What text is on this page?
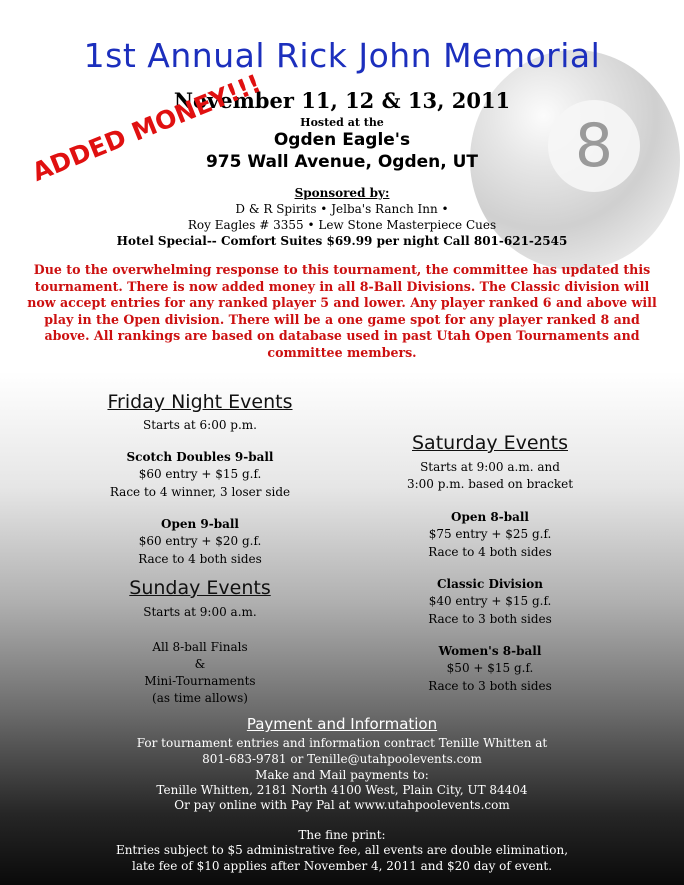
8
1st Annual Rick John Memorial
November 11, 12 & 13, 2011
Hosted at the
Ogden Eagle's
975 Wall Avenue, Ogden, UT
ADDED MONEY!!!
Sponsored by:
D & R Spirits • Jelba's Ranch Inn •
Roy Eagles # 3355 • Lew Stone Masterpiece Cues
Hotel Special-- Comfort Suites $69.99 per night Call 801-621-2545
Due to the overwhelming response to this tournament, the committee has updated this tournament. There is now added money in all 8-Ball Divisions. The Classic division will now accept entries for any ranked player 5 and lower. Any player ranked 6 and above will play in the Open division. There will be a one game spot for any player ranked 8 and above. All rankings are based on database used in past Utah Open Tournaments and committee members.
Friday Night Events
Starts at 6:00 p.m.
Scotch Doubles 9-ball
$60 entry + $15 g.f.
Race to 4 winner, 3 loser side
Open 9-ball
$60 entry + $20 g.f.
Race to 4 both sides
Sunday Events
Starts at 9:00 a.m.
All 8-ball Finals
&
Mini-Tournaments
(as time allows)
Saturday Events
Starts at 9:00 a.m. and
3:00 p.m. based on bracket
Open 8-ball
$75 entry + $25 g.f.
Race to 4 both sides
Classic Division
$40 entry + $15 g.f.
Race to 3 both sides
Women's 8-ball
$50 + $15 g.f.
Race to 3 both sides
Payment and Information
For tournament entries and information contract Tenille Whitten at
801-683-9781 or Tenille@utahpoolevents.com
Make and Mail payments to:
Tenille Whitten, 2181 North 4100 West, Plain City, UT 84404
Or pay online with Pay Pal at www.utahpoolevents.com
The fine print:
Entries subject to $5 administrative fee, all events are double elimination,
late fee of $10 applies after November 4, 2011 and $20 day of event.
